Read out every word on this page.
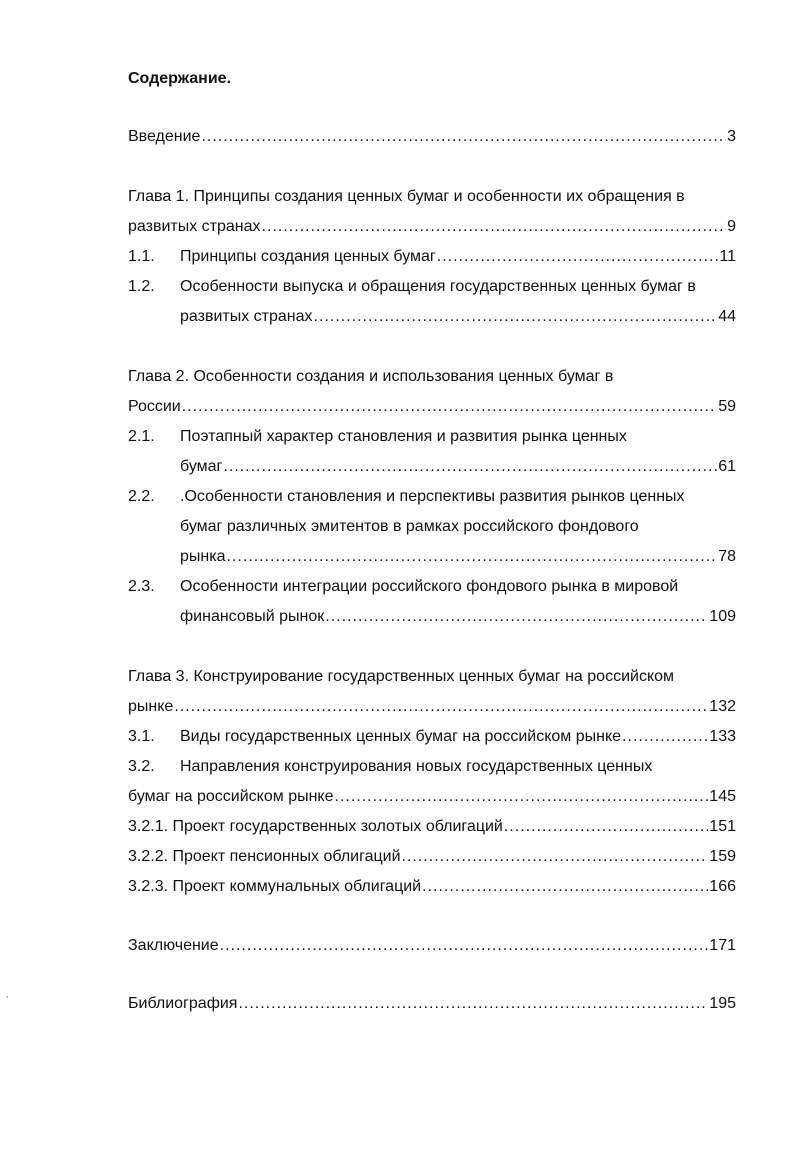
Содержание.
Введение .....	3
Глава 1. Принципы создания ценных бумаг и особенности их обращения в
развитых странах .....	9
1.1. Принципы создания ценных бумаг .....	11
1.2. Особенности выпуска и обращения государственных ценных бумаг в
развитых странах .....	44
Глава 2. Особенности создания и использования ценных бумаг в
России .....	59
2.1. Поэтапный характер становления и развития рынка ценных
бумаг .....	61
2.2. .Особенности становления и перспективы развития рынков ценных
бумаг различных эмитентов в рамках российского фондового
рынка .....	78
2.3. Особенности интеграции российского фондового рынка в мировой
финансовый рынок .....	109
Глава 3. Конструирование государственных ценных бумаг на российском
рынке .....	132
3.1. Виды государственных ценных бумаг на российском рынке .....	133
3.2. Направления конструирования новых государственных ценных
бумаг на российском рынке .....	145
3.2.1. Проект государственных золотых облигаций .....	151
3.2.2. Проект пенсионных облигаций .....	159
3.2.3. Проект коммунальных облигаций .....	166
Заключение .....	171
Библиография .....	195
